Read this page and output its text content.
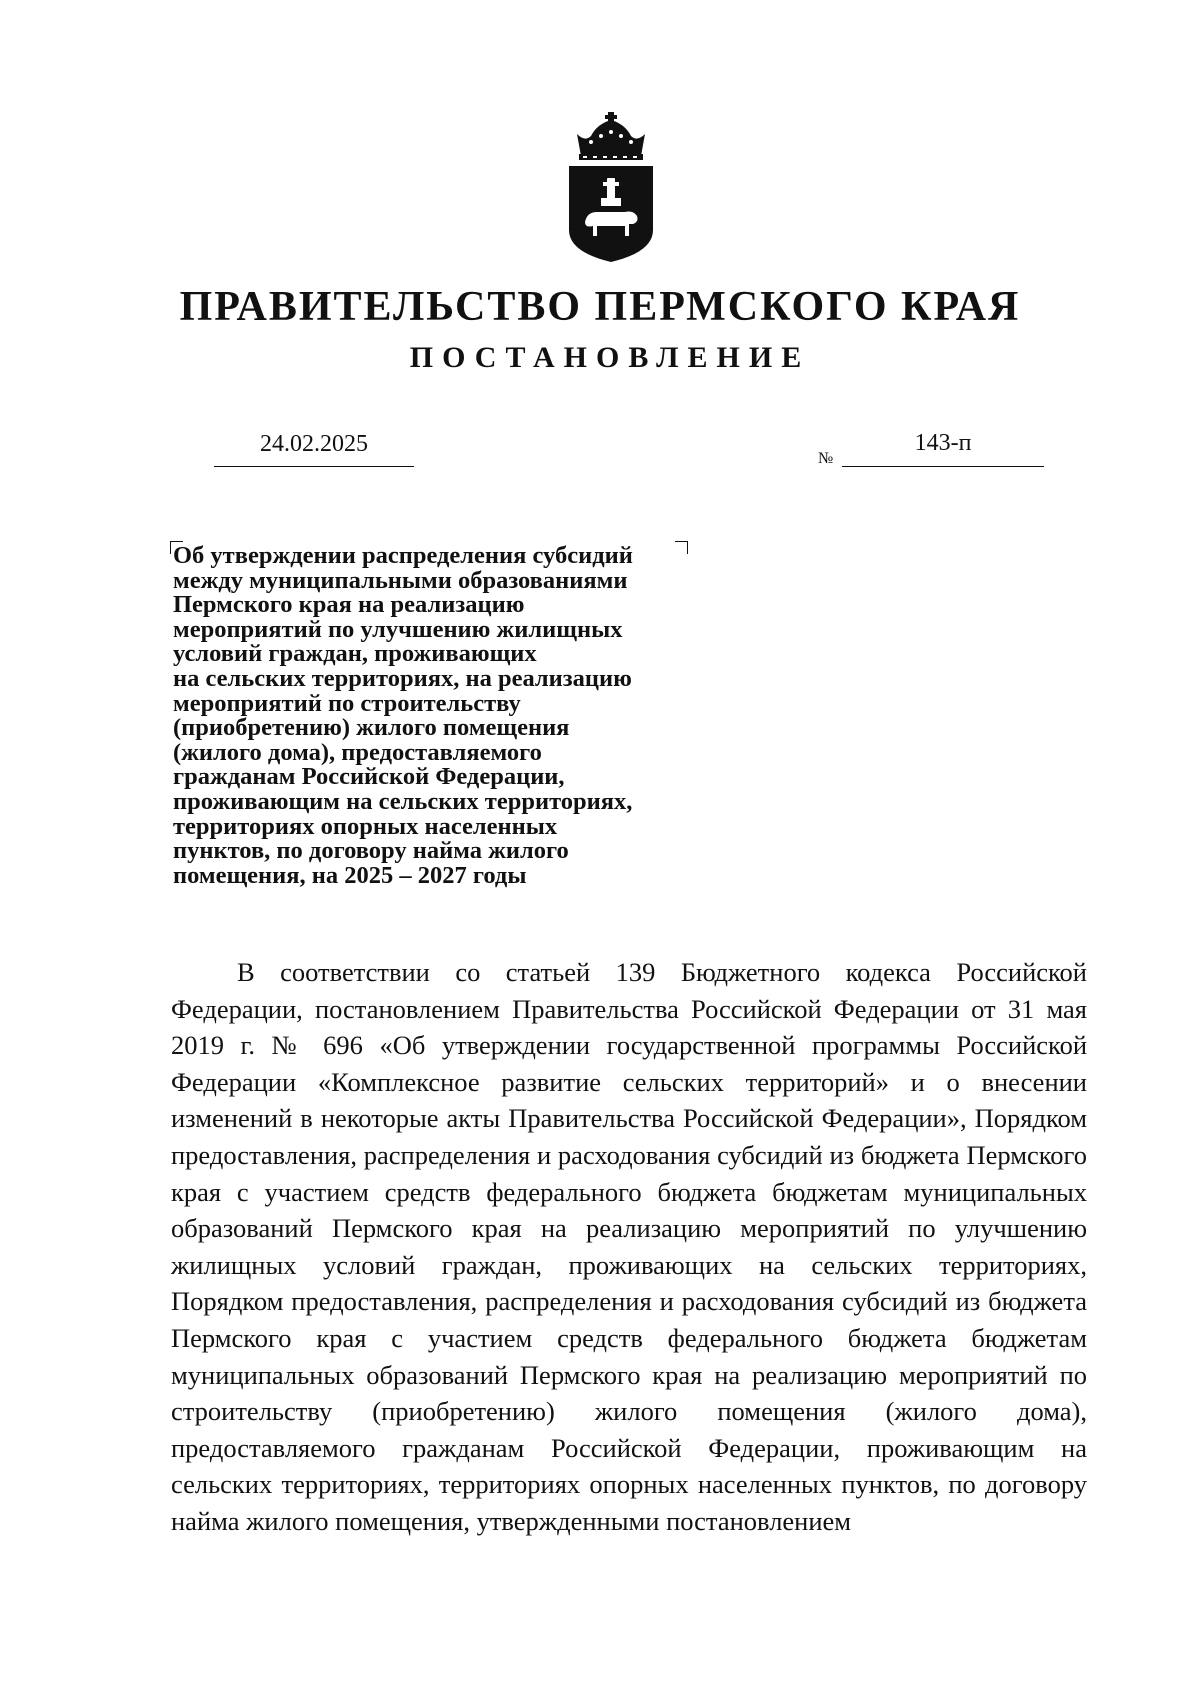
ПРАВИТЕЛЬСТВО ПЕРМСКОГО КРАЯ
ПОСТАНОВЛЕНИЕ
24.02.2025
№
143-п

Об утверждении распределения субсидий
между муниципальными образованиями
Пермского края на реализацию
мероприятий по улучшению жилищных
условий граждан, проживающих
на сельских территориях, на реализацию
мероприятий по строительству
(приобретению) жилого помещения
(жилого дома), предоставляемого
гражданам Российской Федерации,
проживающим на сельских территориях,
территориях опорных населенных
пунктов, по договору найма жилого
помещения, на 2025 – 2027 годы

В соответствии со статьей 139 Бюджетного кодекса Российской Федерации, постановлением Правительства Российской Федерации от 31 мая 2019 г. № 696 «Об утверждении государственной программы Российской Федерации «Комплексное развитие сельских территорий» и о внесении изменений в некоторые акты Правительства Российской Федерации», Порядком предоставления, распределения и расходования субсидий из бюджета Пермского края с участием средств федерального бюджета бюджетам муниципальных образований Пермского края на реализацию мероприятий по улучшению жилищных условий граждан, проживающих на сельских территориях, Порядком предоставления, распределения и расходования субсидий из бюджета Пермского края с участием средств федерального бюджета бюджетам муниципальных образований Пермского края на реализацию мероприятий по строительству (приобретению) жилого помещения (жилого дома), предоставляемого гражданам Российской Федерации, проживающим на сельских территориях, территориях опорных населенных пунктов, по договору найма жилого помещения, утвержденными постановлением
